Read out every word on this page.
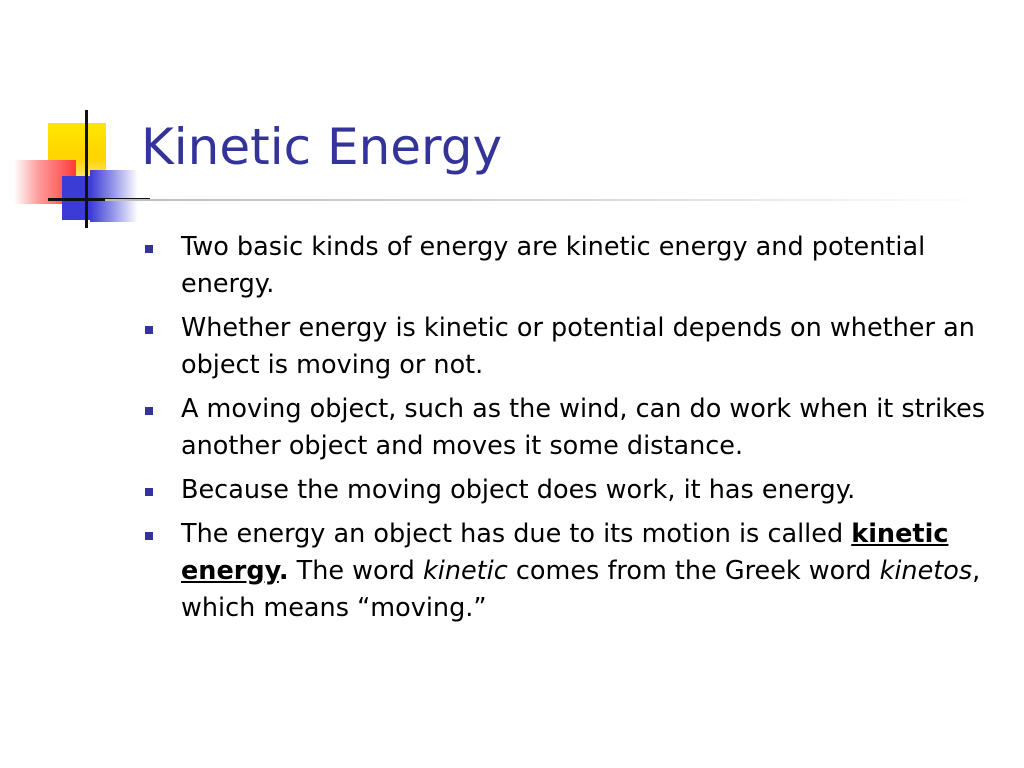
Kinetic Energy
Two basic kinds of energy are kinetic energy and potential energy.
Whether energy is kinetic or potential depends on whether an object is moving or not.
A moving object, such as the wind, can do work when it strikes another object and moves it some distance.
Because the moving object does work, it has energy.
The energy an object has due to its motion is called kinetic energy. The word kinetic comes from the Greek word kinetos, which means “moving.”
